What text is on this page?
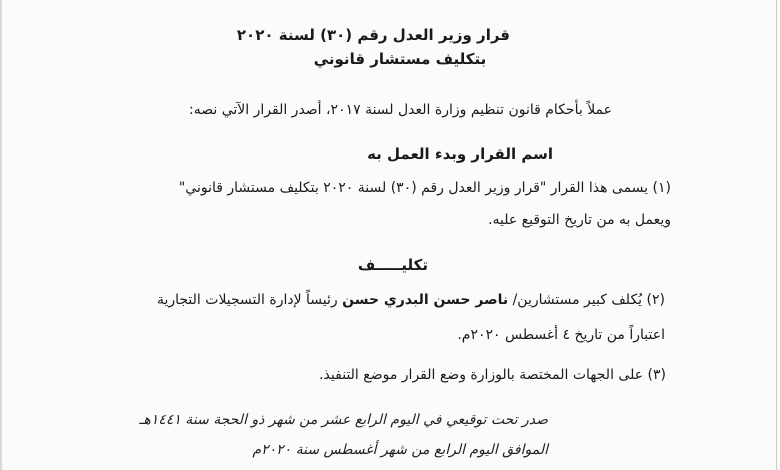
قرار وزير العدل رقم (٣٠) لسنة ٢٠٢٠

بتكليف مستشار قانوني

عملاً بأحكام قانون تنظيم وزارة العدل لسنة ٢٠١٧، أصدر القرار الآتي نصه:

اسم القرار وبدء العمل به

(١) يسمى هذا القرار "قرار وزير العدل رقم (٣٠) لسنة ٢٠٢٠ بتكليف مستشار قانوني"

ويعمل به من تاريخ التوقيع عليه.

تكليـــــف

(٢) يُكلف كبير مستشارين/ ناصر حسن البدري حسن رئيساً لإدارة التسجيلات التجارية

اعتباراً من تاريخ ٤ أغسطس ٢٠٢٠م.

(٣) على الجهات المختصة بالوزارة وضع القرار موضع التنفيذ.

صدر تحت توقيعي في اليوم الرابع عشر من شهر ذو الحجة سنة ١٤٤١هـ

الموافق اليوم الرابع من شهر أغسطس سنة ٢٠٢٠م
